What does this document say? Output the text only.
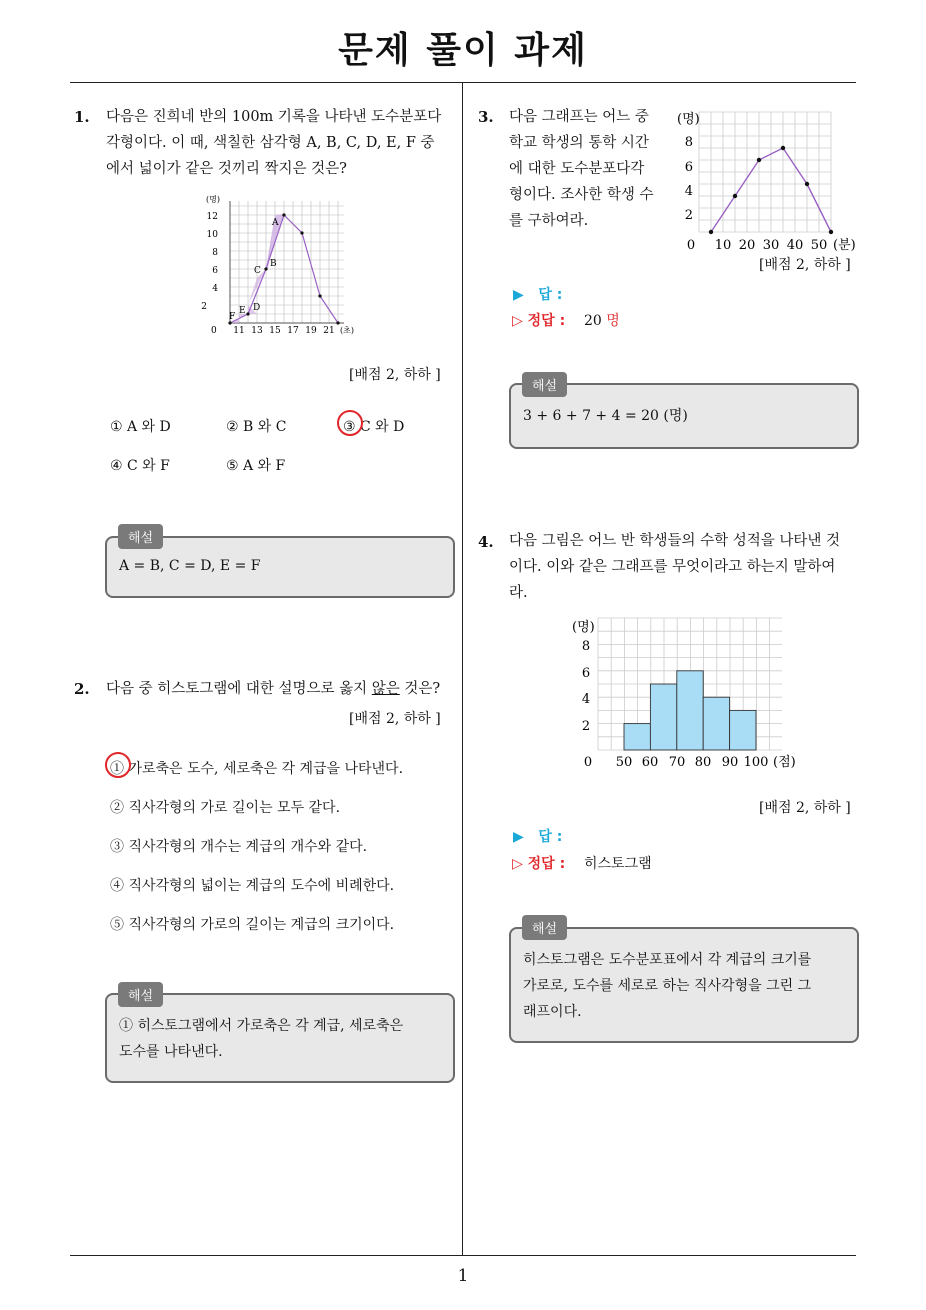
문제 풀이 과제
1. 다음은 진희네 반의 100m 기록을 나타낸 도수분포다
각형이다. 이 때, 색칠한 삼각형 A, B, C, D, E, F 중
에서 넓이가 같은 것끼리 짝지은 것은?
(명)
(초)
0
2
4
6
8
10
12
11 13 15 17 19 21
A
B
C
D
E
F
[배점 2, 하하 ]
① A 와 D	② B 와 C	③ C 와 D
④ C 와 F	⑤ A 와 F
A = B, C = D, E = F
해설
2. 다음 중 히스토그램에 대한 설명으로 옳지 않은 것은?
[배점 2, 하하 ]
① 가로축은 도수, 세로축은 각 계급을 나타낸다.
② 직사각형의 가로 길이는 모두 같다.
③ 직사각형의 개수는 계급의 개수와 같다.
④ 직사각형의 넓이는 계급의 도수에 비례한다.
⑤ 직사각형의 가로의 길이는 계급의 크기이다.
① 히스토그램에서 가로축은 각 계급, 세로축은
도수를 나타낸다.
해설
3. 다음 그래프는 어느 중
학교 학생의 통학 시간
에 대한 도수분포다각
형이다. 조사한 학생 수
를 구하여라.
(명)
2
4
6
8
0 10 20 30 40 50 (분)
[배점 2, 하하 ]
▶ 답 :
▷ 정답 : 20 명
3 + 6 + 7 + 4 = 20 (명)
해설
4. 다음 그림은 어느 반 학생들의 수학 성적을 나타낸 것
이다. 이와 같은 그래프를 무엇이라고 하는지 말하여
라.
(명)
2
4
6
8
0 50 60 70 80 90 100 (점)
[배점 2, 하하 ]
▶ 답 :
▷ 정답 : 히스토그램
히스토그램은 도수분포표에서 각 계급의 크기를
가로로, 도수를 세로로 하는 직사각형을 그린 그
래프이다.
해설
1
